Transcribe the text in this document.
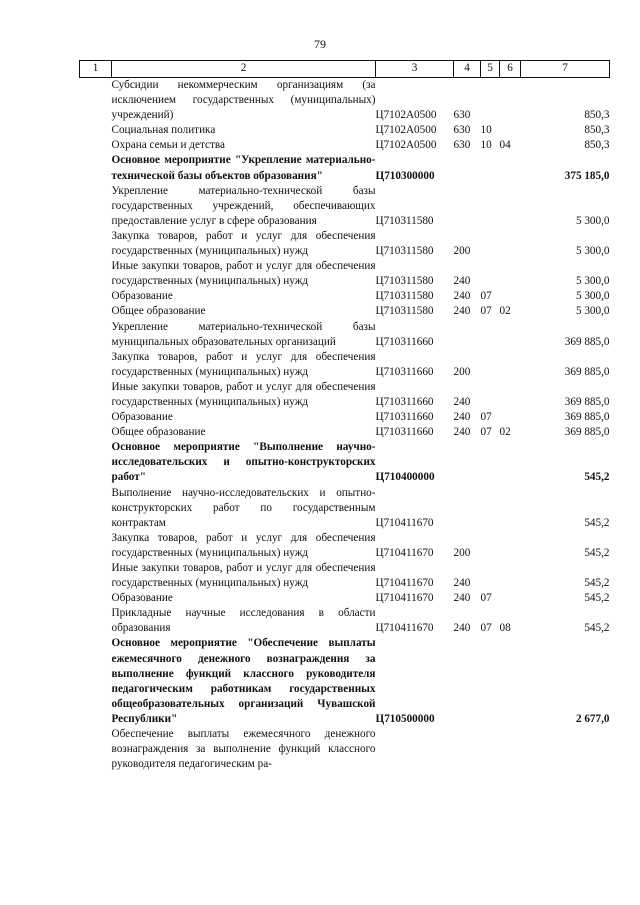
79
1	2	3	4	5	6	7
	Субсидии некоммерческим организациям (за исключением государственных (муниципальных) учреждений)	Ц7102А0500	630			850,3
	Социальная политика	Ц7102А0500	630	10		850,3
	Охрана семьи и детства	Ц7102А0500	630	10	04	850,3
	Основное мероприятие "Укрепление материально-технической базы объектов образования"	Ц710300000				375 185,0
	Укрепление материально-технической базы государственных учреждений, обеспечивающих предоставление услуг в сфере образования	Ц710311580				5 300,0
	Закупка товаров, работ и услуг для обеспечения государственных (муниципальных) нужд	Ц710311580	200			5 300,0
	Иные закупки товаров, работ и услуг для обеспечения государственных (муниципальных) нужд	Ц710311580	240			5 300,0
	Образование	Ц710311580	240	07		5 300,0
	Общее образование	Ц710311580	240	07	02	5 300,0
	Укрепление материально-технической базы муниципальных образовательных организаций	Ц710311660				369 885,0
	Закупка товаров, работ и услуг для обеспечения государственных (муниципальных) нужд	Ц710311660	200			369 885,0
	Иные закупки товаров, работ и услуг для обеспечения государственных (муниципальных) нужд	Ц710311660	240			369 885,0
	Образование	Ц710311660	240	07		369 885,0
	Общее образование	Ц710311660	240	07	02	369 885,0
	Основное мероприятие "Выполнение научно-исследовательских и опытно-конструкторских работ"	Ц710400000				545,2
	Выполнение научно-исследовательских и опытно-конструкторских работ по государственным контрактам	Ц710411670				545,2
	Закупка товаров, работ и услуг для обеспечения государственных (муниципальных) нужд	Ц710411670	200			545,2
	Иные закупки товаров, работ и услуг для обеспечения государственных (муниципальных) нужд	Ц710411670	240			545,2
	Образование	Ц710411670	240	07		545,2
	Прикладные научные исследования в области образования	Ц710411670	240	07	08	545,2
	Основное мероприятие "Обеспечение выплаты ежемесячного денежного вознаграждения за выполнение функций классного руководителя педагогическим работникам государственных общеобразовательных организаций Чувашской Республики"	Ц710500000				2 677,0
	Обеспечение выплаты ежемесячного денежного вознаграждения за выполнение функций классного руководителя педагогическим ра-					
